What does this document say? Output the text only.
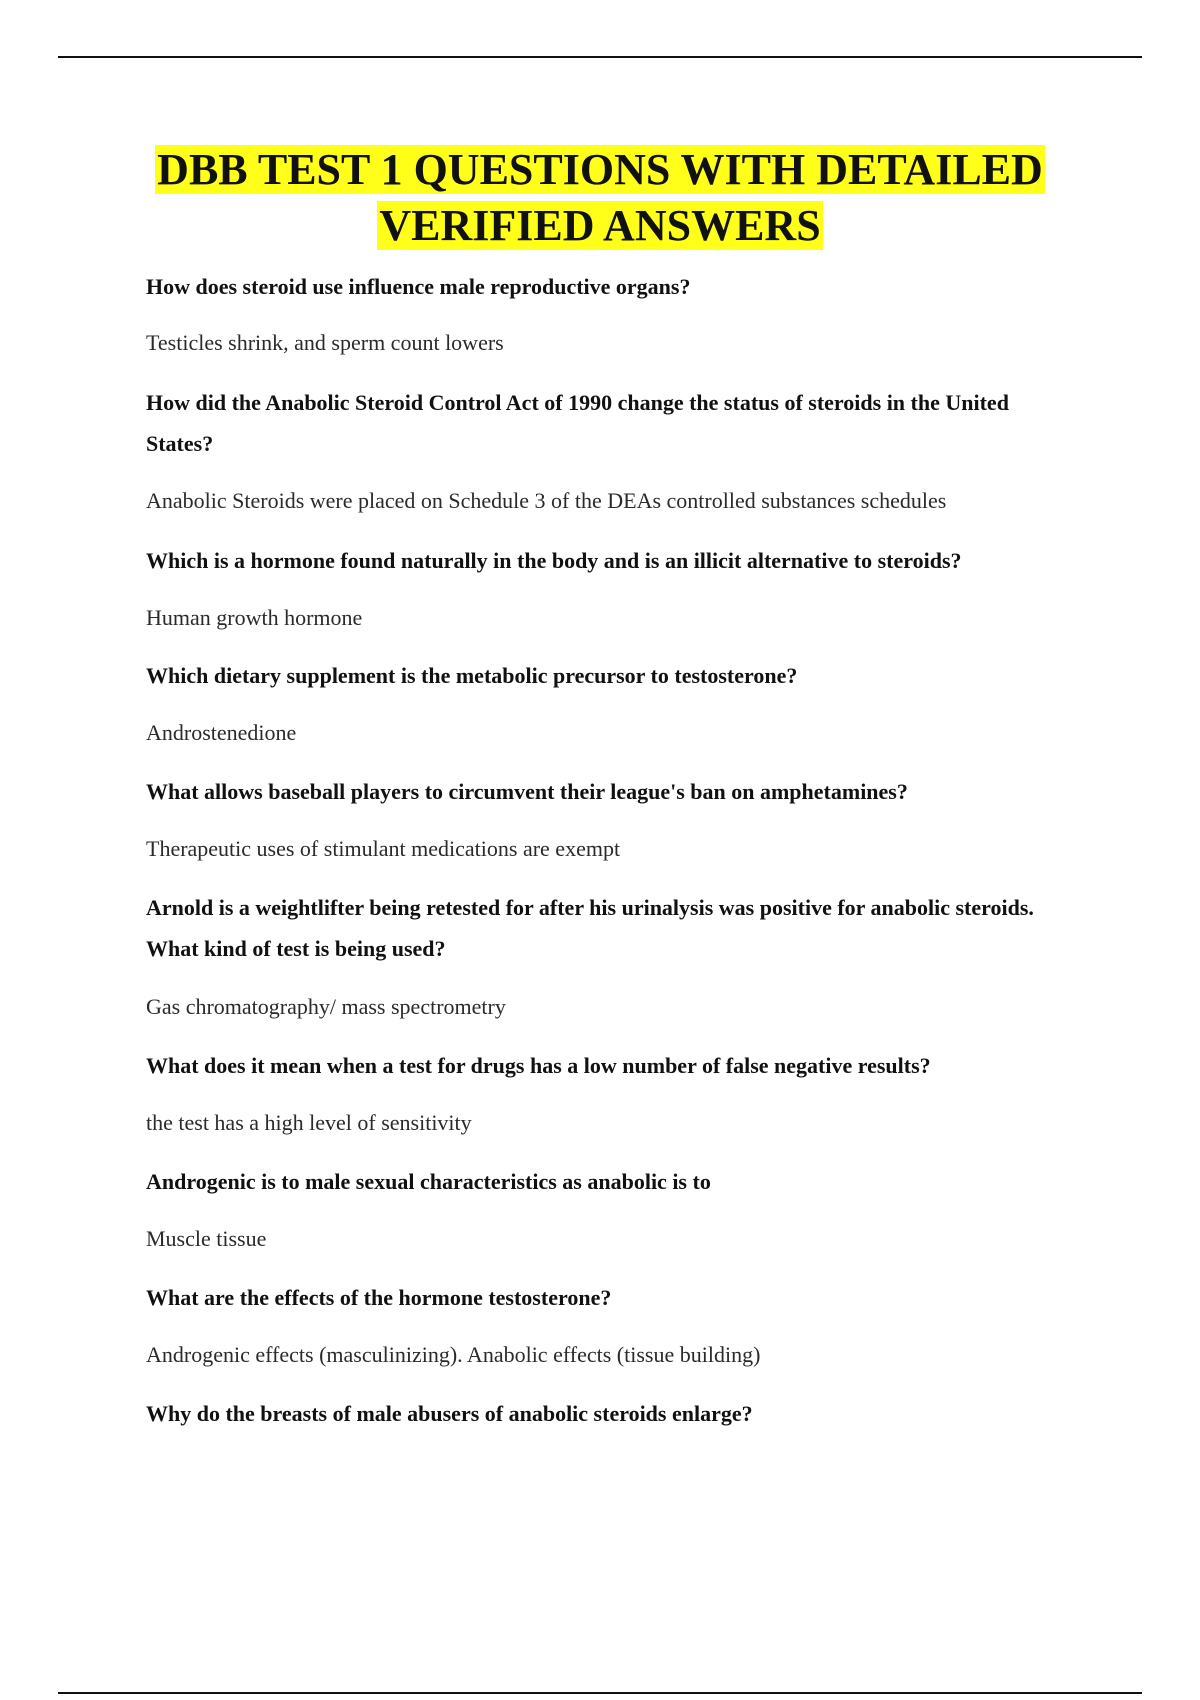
DBB TEST 1 QUESTIONS WITH DETAILED
VERIFIED ANSWERS

How does steroid use influence male reproductive organs?

Testicles shrink, and sperm count lowers

How did the Anabolic Steroid Control Act of 1990 change the status of steroids in the United States?

Anabolic Steroids were placed on Schedule 3 of the DEAs controlled substances schedules

Which is a hormone found naturally in the body and is an illicit alternative to steroids?

Human growth hormone

Which dietary supplement is the metabolic precursor to testosterone?

Androstenedione

What allows baseball players to circumvent their league's ban on amphetamines?

Therapeutic uses of stimulant medications are exempt

Arnold is a weightlifter being retested for after his urinalysis was positive for anabolic steroids. What kind of test is being used?

Gas chromatography/ mass spectrometry

What does it mean when a test for drugs has a low number of false negative results?

the test has a high level of sensitivity

Androgenic is to male sexual characteristics as anabolic is to

Muscle tissue

What are the effects of the hormone testosterone?

Androgenic effects (masculinizing). Anabolic effects (tissue building)

Why do the breasts of male abusers of anabolic steroids enlarge?
